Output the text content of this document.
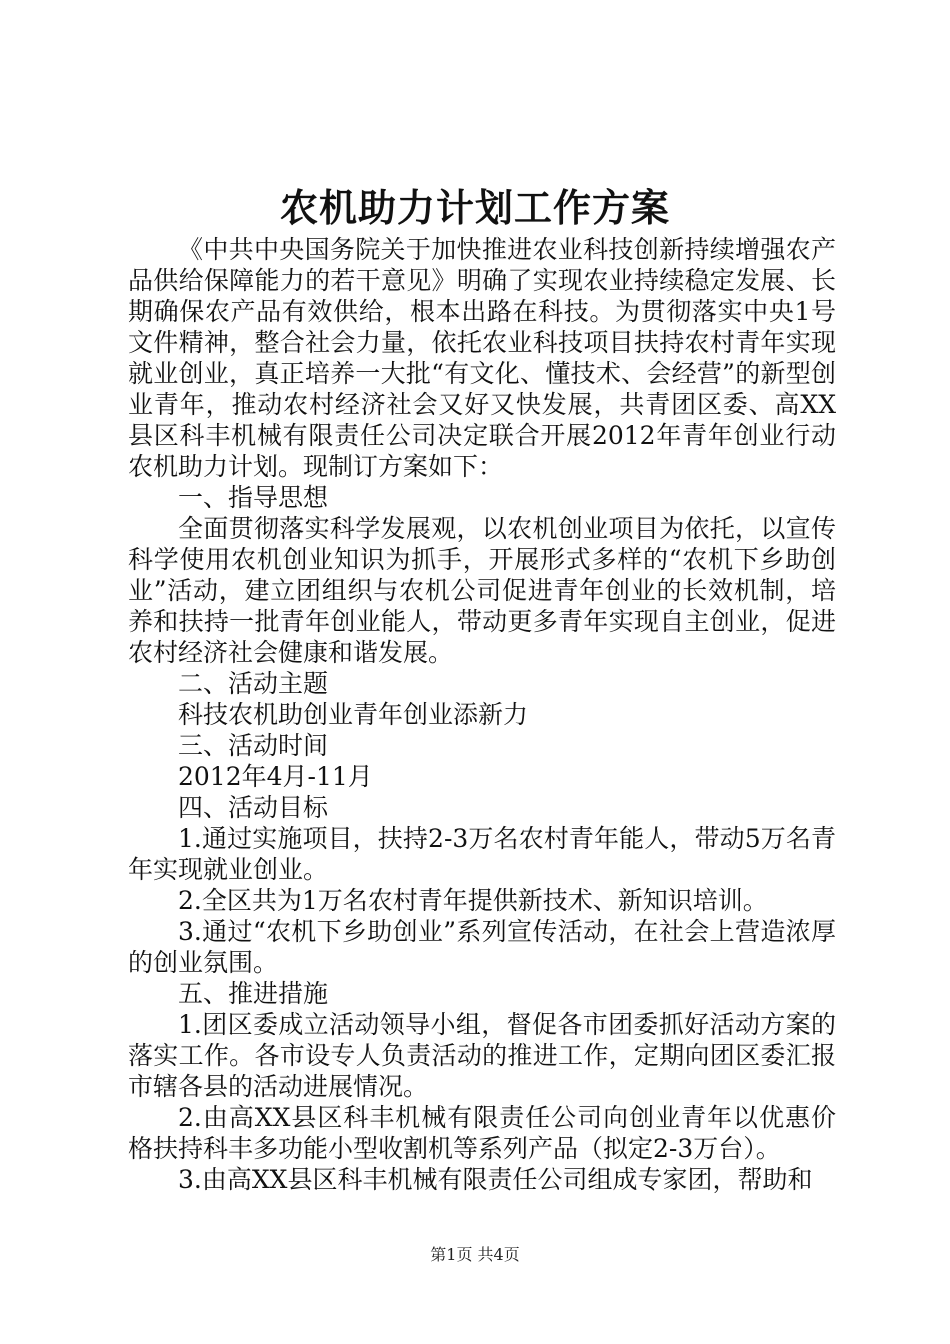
农机助力计划工作方案

《中共中央国务院关于加快推进农业科技创新持续增强农产品供给保障能力的若干意见》明确了实现农业持续稳定发展、长期确保农产品有效供给，根本出路在科技。为贯彻落实中央1号文件精神，整合社会力量，依托农业科技项目扶持农村青年实现就业创业，真正培养一大批“有文化、懂技术、会经营”的新型创业青年，推动农村经济社会又好又快发展，共青团区委、高XX县区科丰机械有限责任公司决定联合开展2012年青年创业行动农机助力计划。现制订方案如下：

一、指导思想

全面贯彻落实科学发展观，以农机创业项目为依托，以宣传科学使用农机创业知识为抓手，开展形式多样的“农机下乡助创业”活动，建立团组织与农机公司促进青年创业的长效机制，培养和扶持一批青年创业能人，带动更多青年实现自主创业，促进农村经济社会健康和谐发展。

二、活动主题

科技农机助创业青年创业添新力

三、活动时间

2012年4月-11月

四、活动目标

1.通过实施项目，扶持2-3万名农村青年能人，带动5万名青年实现就业创业。

2.全区共为1万名农村青年提供新技术、新知识培训。

3.通过“农机下乡助创业”系列宣传活动，在社会上营造浓厚的创业氛围。

五、推进措施

1.团区委成立活动领导小组，督促各市团委抓好活动方案的落实工作。各市设专人负责活动的推进工作，定期向团区委汇报市辖各县的活动进展情况。

2.由高XX县区科丰机械有限责任公司向创业青年以优惠价格扶持科丰多功能小型收割机等系列产品（拟定2-3万台）。

3.由高XX县区科丰机械有限责任公司组成专家团，帮助和

第1页 共4页
